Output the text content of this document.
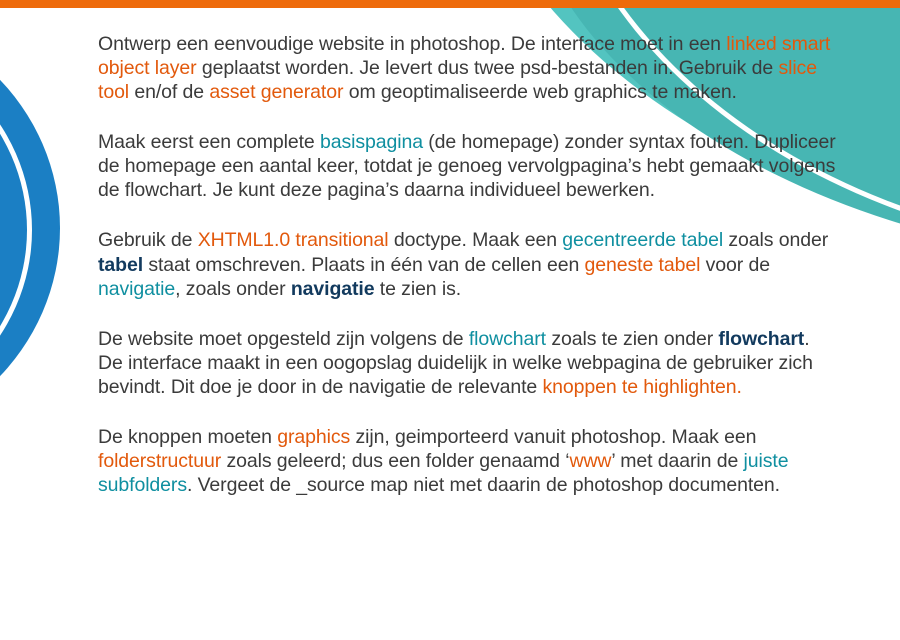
Ontwerp een eenvoudige website in photoshop. De interface moet in een linked smart object layer geplaatst worden. Je levert dus twee psd-bestanden in. Gebruik de slice tool en/of de asset generator om geoptimaliseerde web graphics te maken.

Maak eerst een complete basispagina (de homepage) zonder syntax fouten. Dupliceer de homepage een aantal keer, totdat je genoeg vervolgpagina’s hebt gemaakt volgens de flowchart. Je kunt deze pagina’s daarna individueel bewerken.

Gebruik de XHTML1.0 transitional doctype. Maak een gecentreerde tabel zoals onder tabel staat omschreven. Plaats in één van de cellen een geneste tabel voor de navigatie, zoals onder navigatie te zien is.

De website moet opgesteld zijn volgens de flowchart zoals te zien onder flowchart. De interface maakt in een oogopslag duidelijk in welke webpagina de gebruiker zich bevindt. Dit doe je door in de navigatie de relevante knoppen te highlighten.

De knoppen moeten graphics zijn, geimporteerd vanuit photoshop. Maak een folderstructuur zoals geleerd; dus een folder genaamd ‘www’ met daarin de juiste subfolders. Vergeet de _source map niet met daarin de photoshop documenten.
